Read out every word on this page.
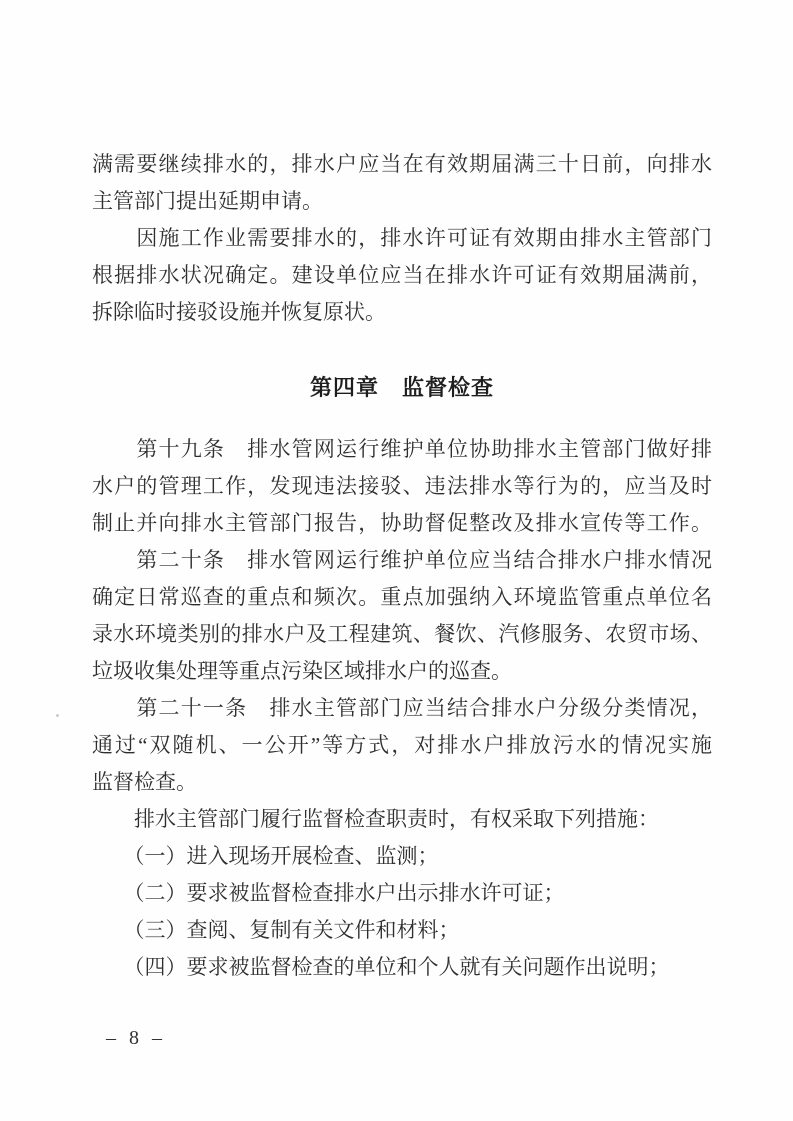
满需要继续排水的，排水户应当在有效期届满三十日前，向排水
主管部门提出延期申请。
　　因施工作业需要排水的，排水许可证有效期由排水主管部门
根据排水状况确定。建设单位应当在排水许可证有效期届满前，
拆除临时接驳设施并恢复原状。
第四章　监督检查
　　第十九条　排水管网运行维护单位协助排水主管部门做好排
水户的管理工作，发现违法接驳、违法排水等行为的，应当及时
制止并向排水主管部门报告，协助督促整改及排水宣传等工作。
　　第二十条　排水管网运行维护单位应当结合排水户排水情况
确定日常巡查的重点和频次。重点加强纳入环境监管重点单位名
录水环境类别的排水户及工程建筑、餐饮、汽修服务、农贸市场、
垃圾收集处理等重点污染区域排水户的巡查。
　　第二十一条　排水主管部门应当结合排水户分级分类情况，
通过“双随机、一公开”等方式，对排水户排放污水的情况实施
监督检查。
　　排水主管部门履行监督检查职责时，有权采取下列措施：
　　（一）进入现场开展检查、监测；
　　（二）要求被监督检查排水户出示排水许可证；
　　（三）查阅、复制有关文件和材料；
　　（四）要求被监督检查的单位和个人就有关问题作出说明；
– 8 –
